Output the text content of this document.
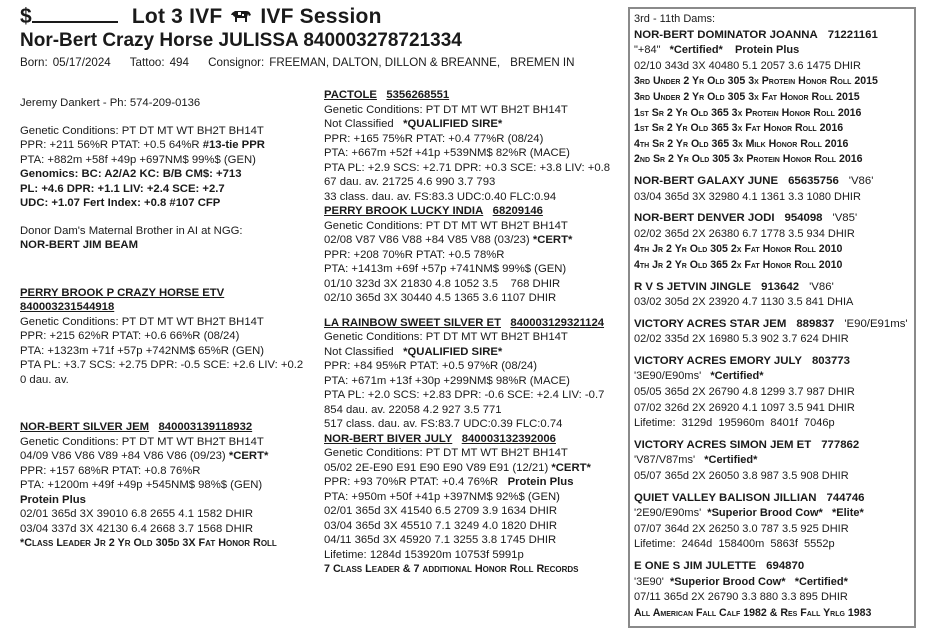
$	Lot 3 IVF IVF Session
Nor-Bert Crazy Horse JULISSA 840003278721334
Born: 05/17/2024 Tattoo: 494 Consignor: FREEMAN, DALTON, DILLON & BREANNE, BREMEN IN
Jeremy Dankert - Ph: 574-209-0136
Genetic Conditions: PT DT MT WT BH2T BH14T
PPR: +211 56%R PTAT: +0.5 64%R #13-tie PPR
PTA: +882m +58f +49p +697NM$ 99%$ (GEN)
Genomics: BC: A2/A2 KC: B/B CM$: +713
PL: +4.6 DPR: +1.1 LIV: +2.4 SCE: +2.7
UDC: +1.07 Fert Index: +0.8 #107 CFP
Donor Dam's Maternal Brother in AI at NGG:
NOR-BERT JIM BEAM
PERRY BROOK P CRAZY HORSE ETV
840003231544918
Genetic Conditions: PT DT MT WT BH2T BH14T
PPR: +215 62%R PTAT: +0.6 66%R (08/24)
PTA: +1323m +71f +57p +742NM$ 65%R (GEN)
PTA PL: +3.7 SCS: +2.75 DPR: -0.5 SCE: +2.6 LIV: +0.2
0 dau. av.
NOR-BERT SILVER JEM 840003139118932
Genetic Conditions: PT DT MT WT BH2T BH14T
04/09 V86 V86 V89 +84 V86 V86 (09/23) *CERT*
PPR: +157 68%R PTAT: +0.8 76%R
PTA: +1200m +49f +49p +545NM$ 98%$ (GEN)
Protein Plus
02/01 365d 3X 39010 6.8 2655 4.1 1582 DHIR
03/04 337d 3X 42130 6.4 2668 3.7 1568 DHIR
*Class Leader Jr 2 Yr Old 305d 3X Fat Honor Roll
PACTOLE 5356268551
Genetic Conditions: PT DT MT WT BH2T BH14T
Not Classified *QUALIFIED SIRE*
PPR: +165 75%R PTAT: +0.4 77%R (08/24)
PTA: +667m +52f +41p +539NM$ 82%R (MACE)
PTA PL: +2.9 SCS: +2.71 DPR: +0.3 SCE: +3.8 LIV: +0.8
67 dau. av. 21725 4.6 990 3.7 793
33 class. dau. av. FS:83.3 UDC:0.40 FLC:0.94
PERRY BROOK LUCKY INDIA 68209146
Genetic Conditions: PT DT MT WT BH2T BH14T
02/08 V87 V86 V88 +84 V85 V88 (03/23) *CERT*
PPR: +208 70%R PTAT: +0.5 78%R
PTA: +1413m +69f +57p +741NM$ 99%$ (GEN)
01/10 323d 3X 21830 4.8 1052 3.5    768 DHIR
02/10 365d 3X 30440 4.5 1365 3.6 1107 DHIR
LA RAINBOW SWEET SILVER ET 840003129321124
Genetic Conditions: PT DT MT WT BH2T BH14T
Not Classified *QUALIFIED SIRE*
PPR: +84 95%R PTAT: +0.5 97%R (08/24)
PTA: +671m +13f +30p +299NM$ 98%R (MACE)
PTA PL: +2.0 SCS: +2.83 DPR: -0.6 SCE: +2.4 LIV: -0.7
854 dau. av. 22058 4.2 927 3.5 771
517 class. dau. av. FS:83.7 UDC:0.39 FLC:0.74
NOR-BERT BIVER JULY 840003132392006
Genetic Conditions: PT DT MT WT BH2T BH14T
05/02 2E-E90 E91 E90 E90 V89 E91 (12/21) *CERT*
PPR: +93 70%R PTAT: +0.4 76%R Protein Plus
PTA: +950m +50f +41p +397NM$ 92%$ (GEN)
02/01 365d 3X 41540 6.5 2709 3.9 1634 DHIR
03/04 365d 3X 45510 7.1 3249 4.0 1820 DHIR
04/11 365d 3X 45920 7.1 3255 3.8 1745 DHIR
Lifetime: 1284d 153920m 10753f 5991p
7 Class Leader & 7 additional Honor Roll Records
3rd - 11th Dams:
NOR-BERT DOMINATOR JOANNA 71221161
"+84"   *Certified*    Protein Plus
02/10 343d 3X 40480 5.1 2057 3.6 1475 DHIR
3rd Under 2 Yr Old 305 3x Protein Honor Roll 2015
3rd Under 2 Yr Old 305 3x Fat Honor Roll 2015
1st Sr 2 Yr Old 365 3x Protein Honor Roll 2016
1st Sr 2 Yr Old 365 3x Fat Honor Roll 2016
4th Sr 2 Yr Old 365 3x Milk Honor Roll 2016
2nd Sr 2 Yr Old 305 3x Protein Honor Roll 2016
NOR-BERT GALAXY JUNE 65635756 'V86'
03/04 365d 3X 32980 4.1 1361 3.3 1080 DHIR
NOR-BERT DENVER JODI 954098 'V85'
02/02 365d 2X 26380 6.7 1778 3.5 934 DHIR
4th Jr 2 Yr Old 305 2x Fat Honor Roll 2010
4th Jr 2 Yr Old 365 2x Fat Honor Roll 2010
R V S JETVIN JINGLE 913642 'V86'
03/02 305d 2X 23920 4.7 1130 3.5 841 DHIA
VICTORY ACRES STAR JEM 889837 'E90/E91ms'
02/02 335d 2X 16980 5.3 902 3.7 624 DHIR
VICTORY ACRES EMORY JULY 803773
'3E90/E90ms'   *Certified*
05/05 365d 2X 26790 4.8 1299 3.7 987 DHIR
07/02 326d 2X 26920 4.1 1097 3.5 941 DHIR
Lifetime:  3129d  195960m  8401f  7046p
VICTORY ACRES SIMON JEM ET 777862
'V87/V87ms'   *Certified*
05/07 365d 2X 26050 3.8 987 3.5 908 DHIR
QUIET VALLEY BALISON JILLIAN 744746
'2E90/E90ms'  *Superior Brood Cow*   *Elite*
07/07 364d 2X 26250 3.0 787 3.5 925 DHIR
Lifetime:  2464d  158400m  5863f  5552p
E ONE S JIM JULETTE 694870
'3E90'  *Superior Brood Cow*   *Certified*
07/11 365d 2X 26790 3.3 880 3.3 895 DHIR
All American Fall Calf 1982 & Res Fall Yrlg 1983
